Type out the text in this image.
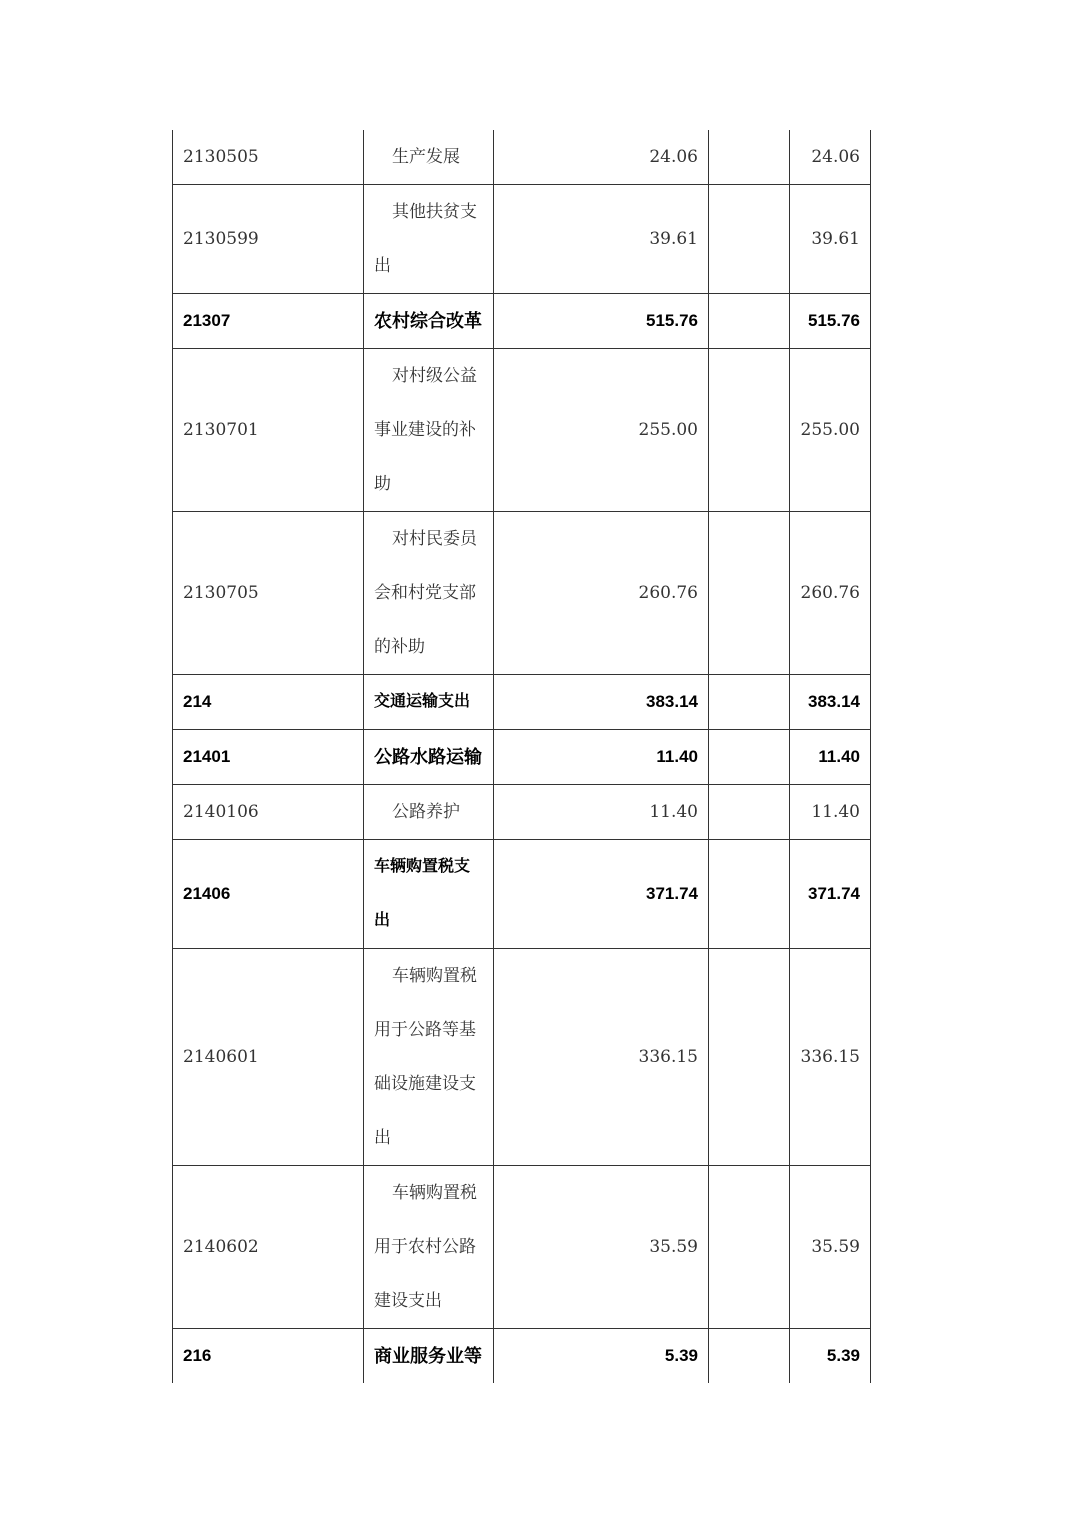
2130505	生产发展	24.06		24.06
2130599	其他扶贫支出	39.61		39.61
21307	农村综合改革	515.76		515.76
2130701	对村级公益事业建设的补助	255.00		255.00
2130705	对村民委员会和村党支部的补助	260.76		260.76
214	交通运输支出	383.14		383.14
21401	公路水路运输	11.40		11.40
2140106	公路养护	11.40		11.40
21406	车辆购置税支出	371.74		371.74
2140601	车辆购置税用于公路等基础设施建设支出	336.15		336.15
2140602	车辆购置税用于农村公路建设支出	35.59		35.59
216	商业服务业等	5.39		5.39
